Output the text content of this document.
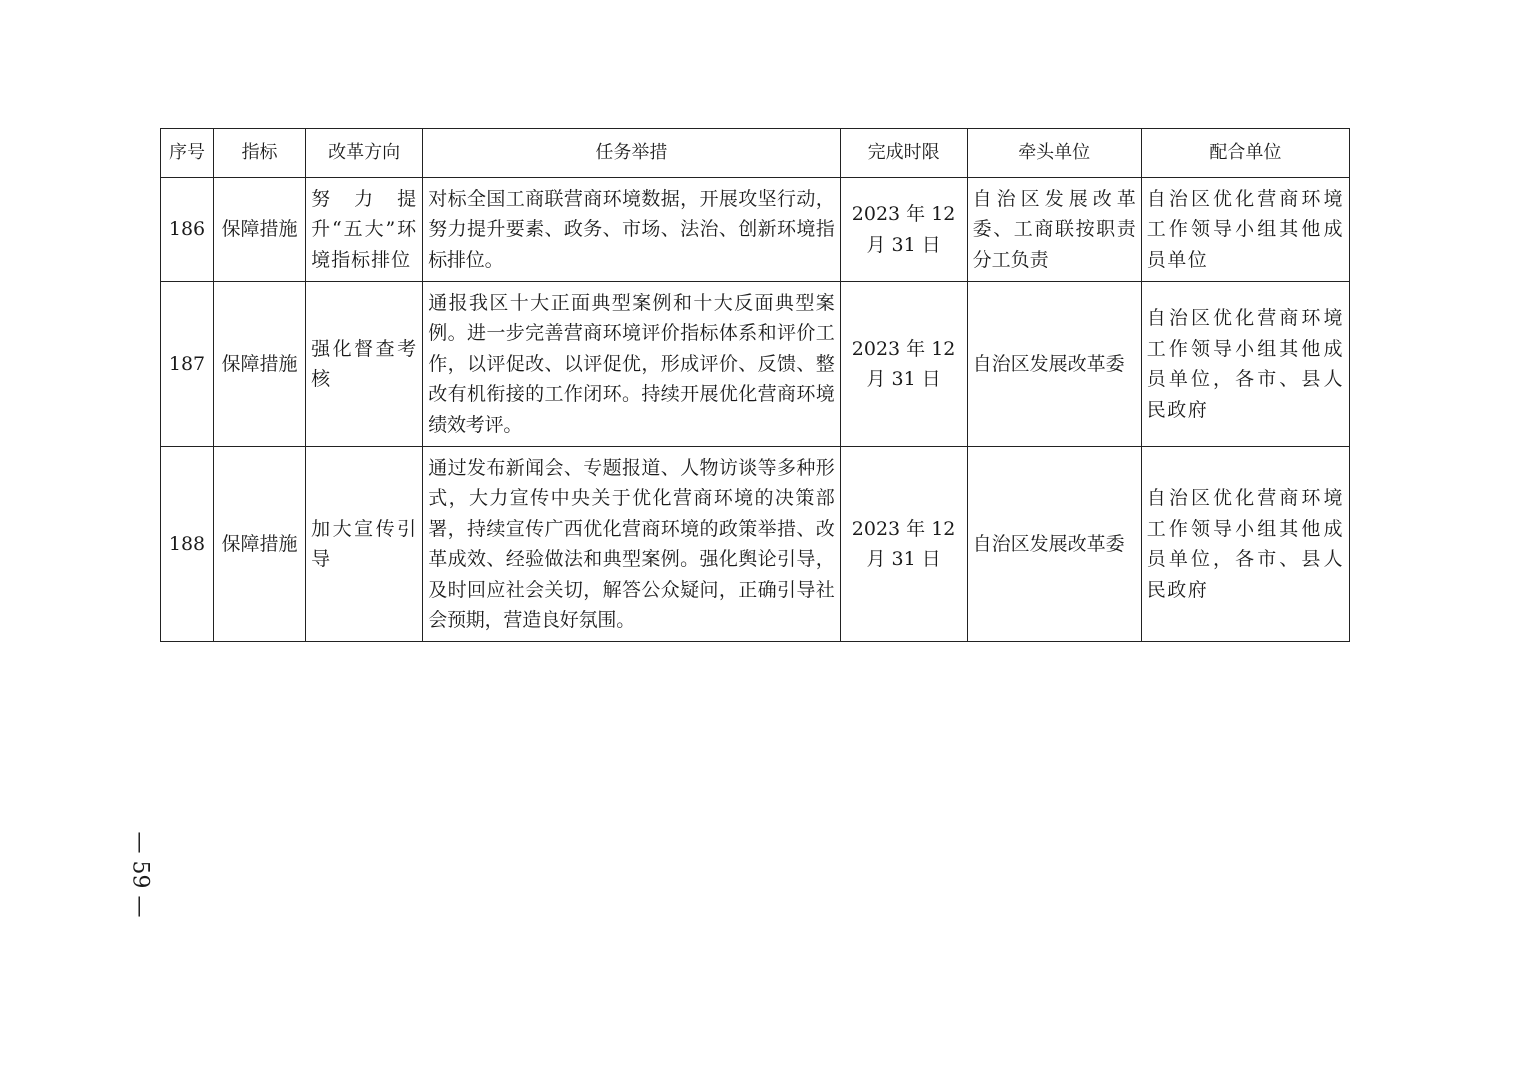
序号	指标	改革方向	任务举措	完成时限	牵头单位	配合单位
186	保障措施	努力提升“五大”环境指标排位	对标全国工商联营商环境数据，开展攻坚行动，努力提升要素、政务、市场、法治、创新环境指标排位。	2023 年 12 月 31 日	自治区发展改革委、工商联按职责分工负责	自治区优化营商环境工作领导小组其他成员单位
187	保障措施	强化督查考核	通报我区十大正面典型案例和十大反面典型案例。进一步完善营商环境评价指标体系和评价工作，以评促改、以评促优，形成评价、反馈、整改有机衔接的工作闭环。持续开展优化营商环境绩效考评。	2023 年 12 月 31 日	自治区发展改革委	自治区优化营商环境工作领导小组其他成员单位，各市、县人民政府
188	保障措施	加大宣传引导	通过发布新闻会、专题报道、人物访谈等多种形式，大力宣传中央关于优化营商环境的决策部署，持续宣传广西优化营商环境的政策举措、改革成效、经验做法和典型案例。强化舆论引导，及时回应社会关切，解答公众疑问，正确引导社会预期，营造良好氛围。	2023 年 12 月 31 日	自治区发展改革委	自治区优化营商环境工作领导小组其他成员单位，各市、县人民政府
— 59 —
